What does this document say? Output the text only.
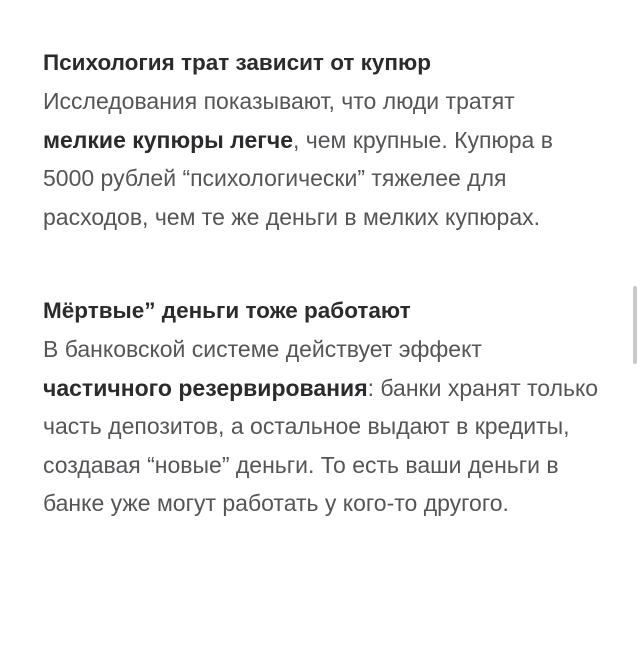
Психология трат зависит от купюр

Исследования показывают, что люди тратят мелкие купюры легче, чем крупные. Купюра в 5000 рублей “психологически” тяжелее для расходов, чем те же деньги в мелких купюрах.

Мёртвые” деньги тоже работают

В банковской системе действует эффект частичного резервирования: банки хранят только часть депозитов, а остальное выдают в кредиты, создавая “новые” деньги. То есть ваши деньги в банке уже могут работать у кого-то другого.
